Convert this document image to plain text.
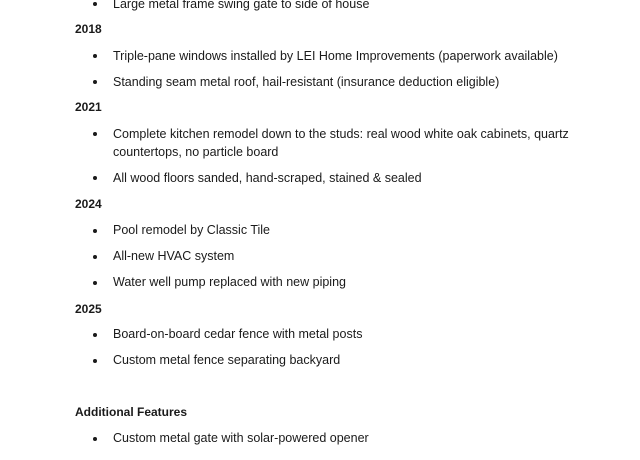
Large metal frame swing gate to side of house
2018
Triple-pane windows installed by LEI Home Improvements (paperwork available)
Standing seam metal roof, hail-resistant (insurance deduction eligible)
2021
Complete kitchen remodel down to the studs: real wood white oak cabinets, quartz
countertops, no particle board
All wood floors sanded, hand-scraped, stained & sealed
2024
Pool remodel by Classic Tile
All-new HVAC system
Water well pump replaced with new piping
2025
Board-on-board cedar fence with metal posts
Custom metal fence separating backyard
Additional Features
Custom metal gate with solar-powered opener
